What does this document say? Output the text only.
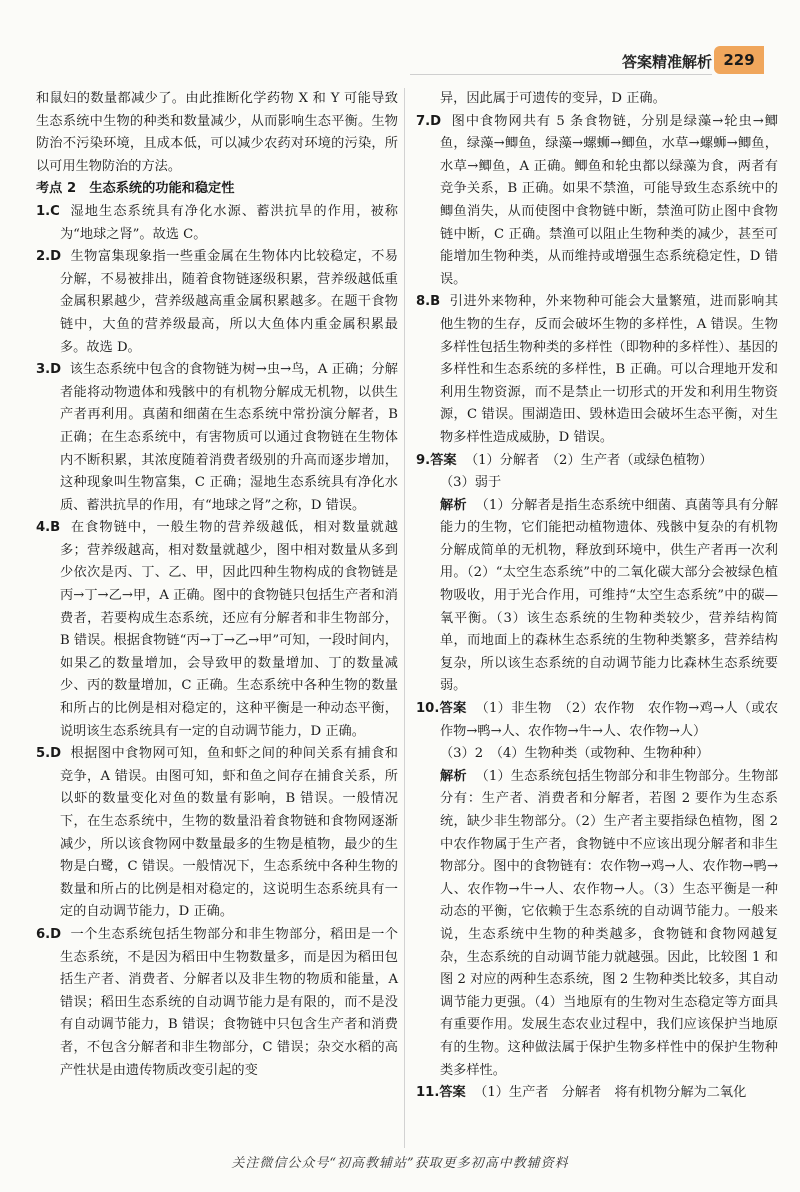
答案精准解析 229

和鼠妇的数量都减少了。由此推断化学药物 X 和 Y 可能导致生态系统中生物的种类和数量减少，从而影响生态平衡。生物防治不污染环境，且成本低，可以减少农药对环境的污染，所以可用生物防治的方法。

考点 2　生态系统的功能和稳定性

1.C 湿地生态系统具有净化水源、蓄洪抗旱的作用，被称为“地球之肾”。故选 C。

2.D 生物富集现象指一些重金属在生物体内比较稳定，不易分解，不易被排出，随着食物链逐级积累，营养级越低重金属积累越少，营养级越高重金属积累越多。在题干食物链中，大鱼的营养级最高，所以大鱼体内重金属积累最多。故选 D。

3.D 该生态系统中包含的食物链为树→虫→鸟，A 正确；分解者能将动物遗体和残骸中的有机物分解成无机物，以供生产者再利用。真菌和细菌在生态系统中常扮演分解者，B 正确；在生态系统中，有害物质可以通过食物链在生物体内不断积累，其浓度随着消费者级别的升高而逐步增加，这种现象叫生物富集，C 正确；湿地生态系统具有净化水质、蓄洪抗旱的作用，有“地球之肾”之称，D 错误。

4.B 在食物链中，一般生物的营养级越低，相对数量就越多；营养级越高，相对数量就越少，图中相对数量从多到少依次是丙、丁、乙、甲，因此四种生物构成的食物链是丙→丁→乙→甲，A 正确。图中的食物链只包括生产者和消费者，若要构成生态系统，还应有分解者和非生物部分，B 错误。根据食物链“丙→丁→乙→甲”可知，一段时间内，如果乙的数量增加，会导致甲的数量增加、丁的数量减少、丙的数量增加，C 正确。生态系统中各种生物的数量和所占的比例是相对稳定的，这种平衡是一种动态平衡，说明该生态系统具有一定的自动调节能力，D 正确。

5.D 根据图中食物网可知，鱼和虾之间的种间关系有捕食和竞争，A 错误。由图可知，虾和鱼之间存在捕食关系，所以虾的数量变化对鱼的数量有影响，B 错误。一般情况下，在生态系统中，生物的数量沿着食物链和食物网逐渐减少，所以该食物网中数量最多的生物是植物，最少的生物是白鹭，C 错误。一般情况下，生态系统中各种生物的数量和所占的比例是相对稳定的，这说明生态系统具有一定的自动调节能力，D 正确。

6.D 一个生态系统包括生物部分和非生物部分，稻田是一个生态系统，不是因为稻田中生物数量多，而是因为稻田包括生产者、消费者、分解者以及非生物的物质和能量，A 错误；稻田生态系统的自动调节能力是有限的，而不是没有自动调节能力，B 错误；食物链中只包含生产者和消费者，不包含分解者和非生物部分，C 错误；杂交水稻的高产性状是由遗传物质改变引起的变

异，因此属于可遗传的变异，D 正确。

7.D 图中食物网共有 5 条食物链，分别是绿藻→轮虫→鲫鱼，绿藻→鲫鱼，绿藻→螺蛳→鲫鱼，水草→螺蛳→鲫鱼，水草→鲫鱼，A 正确。鲫鱼和轮虫都以绿藻为食，两者有竞争关系，B 正确。如果不禁渔，可能导致生态系统中的鲫鱼消失，从而使图中食物链中断，禁渔可防止图中食物链中断，C 正确。禁渔可以阻止生物种类的减少，甚至可能增加生物种类，从而维持或增强生态系统稳定性，D 错误。

8.B 引进外来物种，外来物种可能会大量繁殖，进而影响其他生物的生存，反而会破坏生物的多样性，A 错误。生物多样性包括生物种类的多样性（即物种的多样性）、基因的多样性和生态系统的多样性，B 正确。可以合理地开发和利用生物资源，而不是禁止一切形式的开发和利用生物资源，C 错误。围湖造田、毁林造田会破坏生态平衡，对生物多样性造成威胁，D 错误。

9.答案 （1）分解者　（2）生产者（或绿色植物）

（3）弱于

解析 （1）分解者是指生态系统中细菌、真菌等具有分解能力的生物，它们能把动植物遗体、残骸中复杂的有机物分解成简单的无机物，释放到环境中，供生产者再一次利用。（2）“太空生态系统”中的二氧化碳大部分会被绿色植物吸收，用于光合作用，可维持“太空生态系统”中的碳—氧平衡。（3）该生态系统的生物种类较少，营养结构简单，而地面上的森林生态系统的生物种类繁多，营养结构复杂，所以该生态系统的自动调节能力比森林生态系统要弱。

10.答案 （1）非生物　（2）农作物　农作物→鸡→人（或农作物→鸭→人、农作物→牛→人、农作物→人）

（3）2　（4）生物种类（或物种、生物种种）

解析 （1）生态系统包括生物部分和非生物部分。生物部分有：生产者、消费者和分解者，若图 2 要作为生态系统，缺少非生物部分。（2）生产者主要指绿色植物，图 2 中农作物属于生产者，食物链中不应该出现分解者和非生物部分。图中的食物链有：农作物→鸡→人、农作物→鸭→人、农作物→牛→人、农作物→人。（3）生态平衡是一种动态的平衡，它依赖于生态系统的自动调节能力。一般来说，生态系统中生物的种类越多，食物链和食物网越复杂，生态系统的自动调节能力就越强。因此，比较图 1 和图 2 对应的两种生态系统，图 2 生物种类比较多，其自动调节能力更强。（4）当地原有的生物对生态稳定等方面具有重要作用。发展生态农业过程中，我们应该保护当地原有的生物。这种做法属于保护生物多样性中的保护生物种类多样性。

11.答案 （1）生产者　分解者　将有机物分解为二氧化

关注微信公众号“初高教辅站”获取更多初高中教辅资料
